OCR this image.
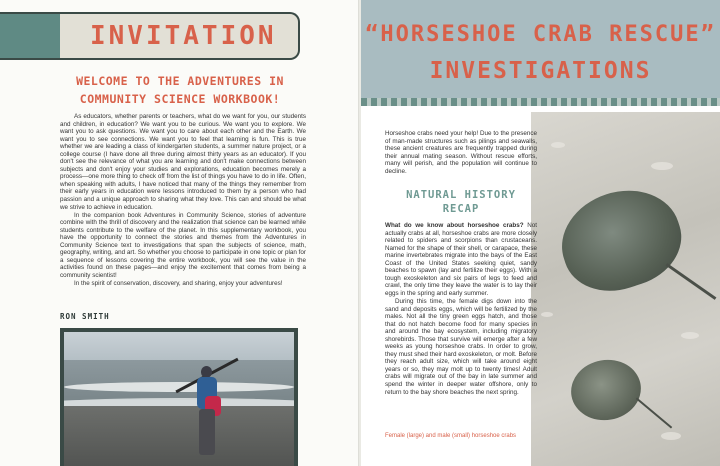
INVITATION
WELCOME TO THE ADVENTURES IN
COMMUNITY SCIENCE WORKBOOK!

As educators, whether parents or teachers, what do we want for you, our students and children, in education? We want you to be curious. We want you to explore. We want you to ask questions. We want you to care about each other and the Earth. We want you to see connections. We want you to feel that learning is fun. This is true whether we are leading a class of kindergarten students, a summer nature project, or a college course (I have done all three during almost thirty years as an educator). If you don't see the relevance of what you are learning and don't make connections between subjects and don't enjoy your studies and explorations, education becomes merely a process—one more thing to check off from the list of things you have to do in life. Often, when speaking with adults, I have noticed that many of the things they remember from their early years in education were lessons introduced to them by a person who had passion and a unique approach to sharing what they love. This can and should be what we strive to achieve in education.

In the companion book Adventures in Community Science, stories of adventure combine with the thrill of discovery and the realization that science can be learned while students contribute to the welfare of the planet. In this supplementary workbook, you have the opportunity to connect the stories and themes from the Adventures in Community Science text to investigations that span the subjects of science, math, geography, writing, and art. So whether you choose to participate in one topic or plan for a sequence of lessons covering the entire workbook, you will see the value in the activities found on these pages—and enjoy the excitement that comes from being a community scientist!

In the spirit of conservation, discovery, and sharing, enjoy your adventures!

RON SMITH
“HORSESHOE CRAB RESCUE”
INVESTIGATIONS
Horseshoe crabs need your help! Due to the presence of man-made structures such as pilings and seawalls, these ancient creatures are frequently trapped during their annual mating season. Without rescue efforts, many will perish, and the population will continue to decline.
NATURAL HISTORY
RECAP

What do we know about horseshoe crabs? Not actually crabs at all, horseshoe crabs are more closely related to spiders and scorpions than crustaceans. Named for the shape of their shell, or carapace, these marine invertebrates migrate into the bays of the East Coast of the United States seeking quiet, sandy beaches to spawn (lay and fertilize their eggs). With a tough exoskeleton and six pairs of legs to feed and crawl, the only time they leave the water is to lay their eggs in the spring and early summer.

During this time, the female digs down into the sand and deposits eggs, which will be fertilized by the males. Not all the tiny green eggs hatch, and those that do not hatch become food for many species in and around the bay ecosystem, including migratory shorebirds. Those that survive will emerge after a few weeks as young horseshoe crabs. In order to grow, they must shed their hard exoskeleton, or molt. Before they reach adult size, which will take around eight years or so, they may molt up to twenty times! Adult crabs will migrate out of the bay in late summer and spend the winter in deeper water offshore, only to return to the bay shore beaches the next spring.

Female (large) and male (small) horseshoe crabs
